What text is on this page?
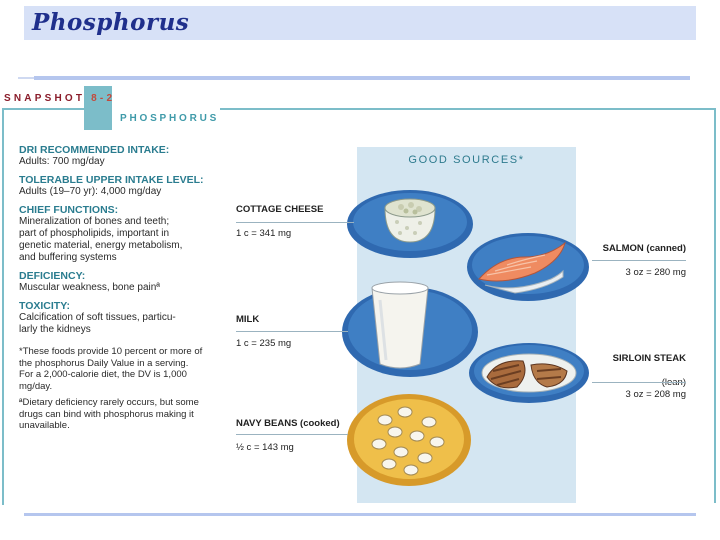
Phosphorus

SNAPSHOT 8-2

PHOSPHORUS

DRI RECOMMENDED INTAKE:
Adults: 700 mg/day
TOLERABLE UPPER INTAKE LEVEL:
Adults (19–70 yr): 4,000 mg/day
CHIEF FUNCTIONS:
Mineralization of bones and teeth;
part of phospholipids, important in
genetic material, energy metabolism,
and buffering systems
DEFICIENCY:
Muscular weakness, bone painª
TOXICITY:
Calcification of soft tissues, particu-
larly the kidneys
*These foods provide 10 percent or more of
the phosphorus Daily Value in a serving.
For a 2,000-calorie diet, the DV is 1,000
mg/day.
ªDietary deficiency rarely occurs, but some
drugs can bind with phosphorus making it
unavailable.

GOOD SOURCES*

COTTAGE CHEESE

1 c = 341 mg

SALMON (canned)

3 oz = 280 mg

MILK

1 c = 235 mg

SIRLOIN STEAK

3 oz = 208 mg

NAVY BEANS (cooked)

½ c = 143 mg
